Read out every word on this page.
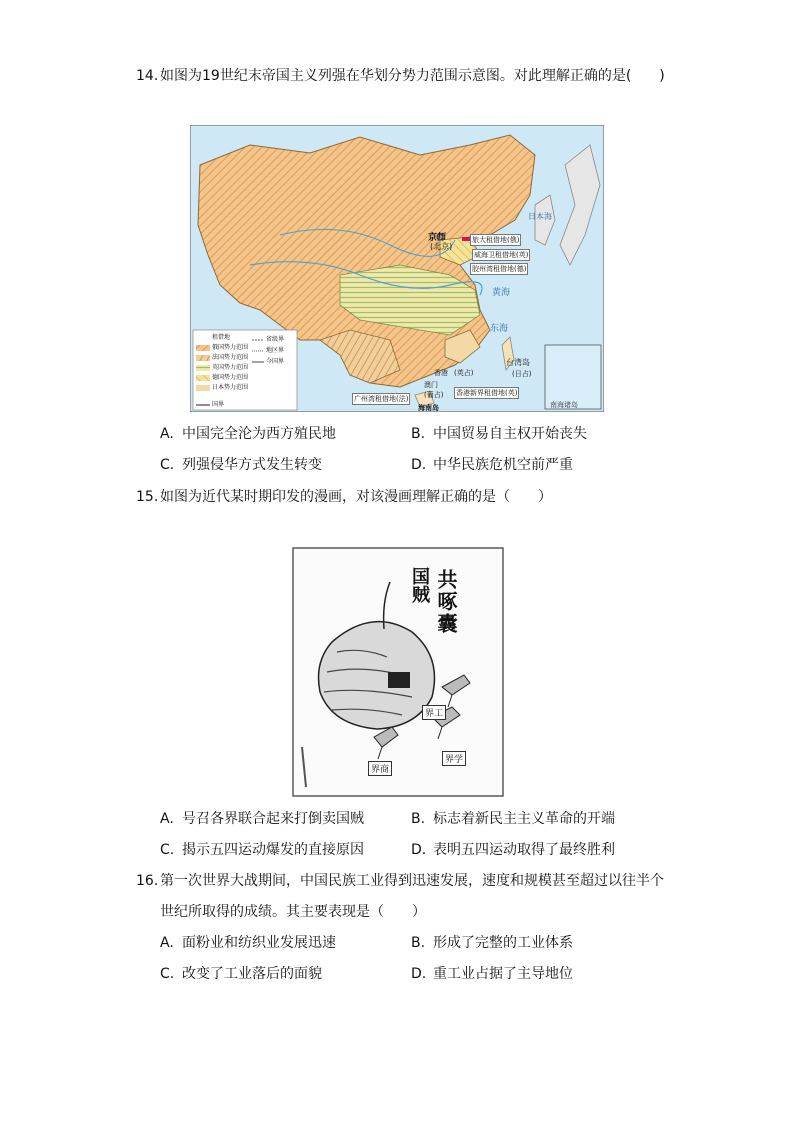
14. 如图为19世纪末帝国主义列强在华划分势力范围示意图。对此理解正确的是(　　)
京师
(北京)
日本海
黄海
东海
南海诸岛
旅大租借地(俄)
威海卫租借地(英)
胶州湾租借地(德)
广州湾租借地(法)
香港新界租借地(英)
台湾岛
(日占)
香港 (英占)
澳门
(葡占)
海南岛
租借地
俄国势力范围
法国势力范围
英国势力范围
德国势力范围
日本势力范围
省级界
地区界
今国界
国界
A. 中国完全沦为西方殖民地	B. 中国贸易自主权开始丧失
C. 列强侵华方式发生转变	D. 中华民族危机空前严重
15. 如图为近代某时期印发的漫画，对该漫画理解正确的是（　　）
共啄囊
国贼
界工
界商
界学
A. 号召各界联合起来打倒卖国贼	B. 标志着新民主主义革命的开端
C. 揭示五四运动爆发的直接原因	D. 表明五四运动取得了最终胜利
16. 第一次世界大战期间，中国民族工业得到迅速发展，速度和规模甚至超过以往半个
世纪所取得的成绩。其主要表现是（　　）
A. 面粉业和纺织业发展迅速	B. 形成了完整的工业体系
C. 改变了工业落后的面貌	D. 重工业占据了主导地位
